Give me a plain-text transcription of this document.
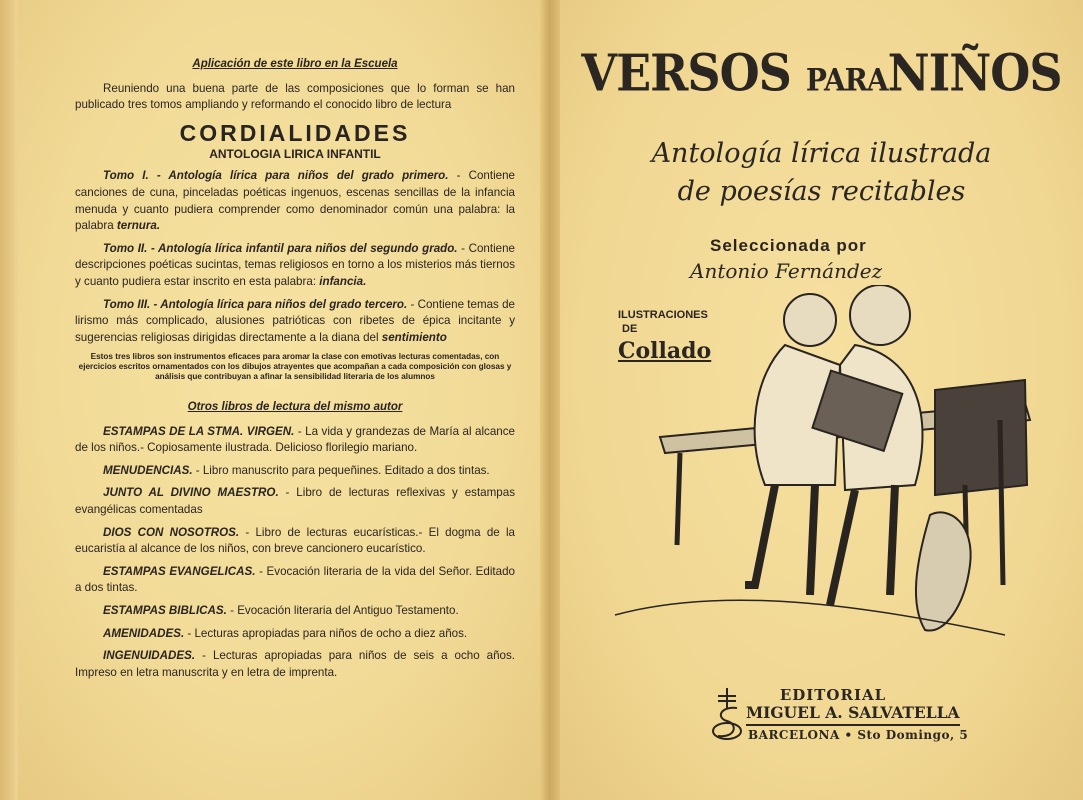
Aplicación de este libro en la Escuela

Reuniendo una buena parte de las composiciones que lo forman se han publicado tres tomos ampliando y reformando el conocido libro de lectura

CORDIALIDADES
ANTOLOGIA LIRICA INFANTIL

Tomo I. - Antología lírica para niños del grado primero. - Contiene canciones de cuna, pinceladas poéticas ingenuos, escenas sencillas de la infancia menuda y cuanto pudiera comprender como denominador común una palabra: la palabra ternura.

Tomo II. - Antología lírica infantil para niños del segundo grado. - Contiene descripciones poéticas sucintas, temas religiosos en torno a los misterios más tiernos y cuanto pudiera estar inscrito en esta palabra: infancia.

Tomo III. - Antología lírica para niños del grado tercero. - Contiene temas de lirismo más complicado, alusiones patrióticas con ribetes de épica incitante y sugerencias religiosas dirigidas directamente a la diana del sentimiento

Estos tres libros son instrumentos eficaces para aromar la clase con emotivas lecturas comentadas, con ejercicios escritos ornamentados con los dibujos atrayentes que acompañan a cada composición con glosas y análisis que contribuyan a afinar la sensibilidad literaria de los alumnos
Otros libros de lectura del mismo autor

ESTAMPAS DE LA STMA. VIRGEN. - La vida y grandezas de María al alcance de los niños.- Copiosamente ilustrada. Delicioso florilegio mariano.

MENUDENCIAS. - Libro manuscrito para pequeñines. Editado a dos tintas.

JUNTO AL DIVINO MAESTRO. - Libro de lecturas reflexivas y estampas evangélicas comentadas

DIOS CON NOSOTROS. - Libro de lecturas eucarísticas.- El dogma de la eucaristía al alcance de los niños, con breve cancionero eucarístico.

ESTAMPAS EVANGELICAS. - Evocación literaria de la vida del Señor. Editado a dos tintas.

ESTAMPAS BIBLICAS. - Evocación literaria del Antiguo Testamento.

AMENIDADES. - Lecturas apropiadas para niños de ocho a diez años.

INGENUIDADES. - Lecturas apropiadas para niños de seis a ocho años. Impreso en letra manuscrita y en letra de imprenta.

VERSOS PARANIÑOS
Antología lírica ilustrada
de poesías recitables
Seleccionada por
Antonio Fernández
ILUSTRACIONES
DE
Collado
EDITORIAL
MIGUEL A. SALVATELLA
BARCELONA • Sto Domingo, 5
